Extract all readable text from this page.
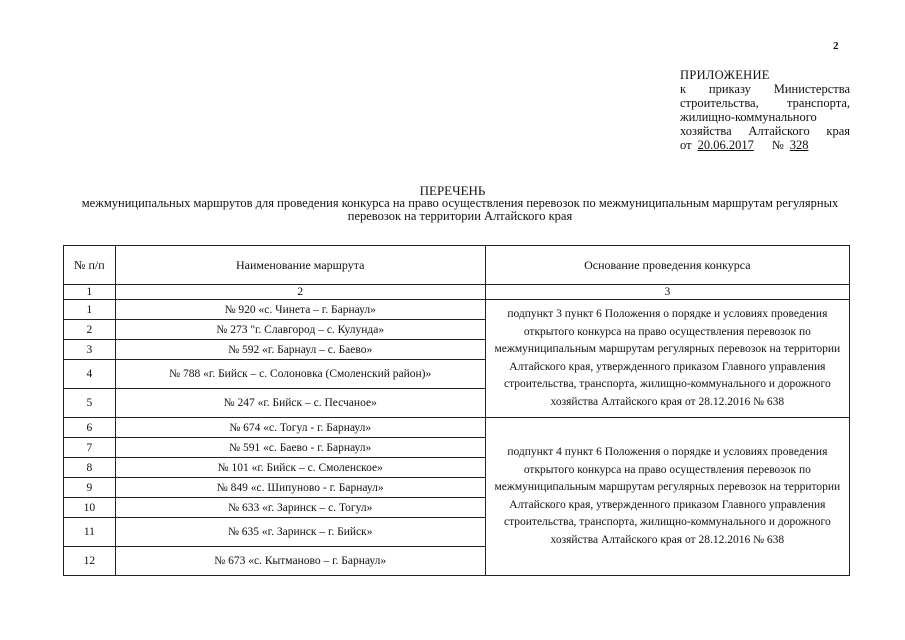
2
ПРИЛОЖЕНИЕ
к приказу Министерства
строительства, транспорта,
жилищно-коммунального
хозяйства Алтайского края
от 20.06.2017 № 328
ПЕРЕЧЕНЬ
межмуниципальных маршрутов для проведения конкурса на право осуществления перевозок по межмуниципальным маршрутам регулярных перевозок на территории Алтайского края
№ п/п	Наименование маршрута	Основание проведения конкурса
1	2	3
1	№ 920 «с. Чинета – г. Барнаул»	подпункт 3 пункт 6 Положения о порядке и условиях проведения открытого конкурса на право осуществления перевозок по межмуниципальным маршрутам регулярных перевозок на территории Алтайского края, утвержденного приказом Главного управления строительства, транспорта, жилищно-коммунального и дорожного хозяйства Алтайского края от 28.12.2016 № 638
2	№ 273 "г. Славгород – с. Кулунда»	
3	№ 592 «г. Барнаул – с. Баево»	
4	№ 788 «г. Бийск – с. Солоновка (Смоленский район)»	
5	№ 247 «г. Бийск – с. Песчаное»	
6	№ 674 «с. Тогул - г. Барнаул»	подпункт 4 пункт 6 Положения о порядке и условиях проведения открытого конкурса на право осуществления перевозок по межмуниципальным маршрутам регулярных перевозок на территории Алтайского края, утвержденного приказом Главного управления строительства, транспорта, жилищно-коммунального и дорожного хозяйства Алтайского края от 28.12.2016 № 638
7	№ 591 «с. Баево - г. Барнаул»	
8	№ 101 «г. Бийск – с. Смоленское»	
9	№ 849 «с. Шипуново - г. Барнаул»	
10	№ 633 «г. Заринск – с. Тогул»	
11	№ 635 «г. Заринск – г. Бийск»	
12	№ 673 «с. Кытманово – г. Барнаул»	
